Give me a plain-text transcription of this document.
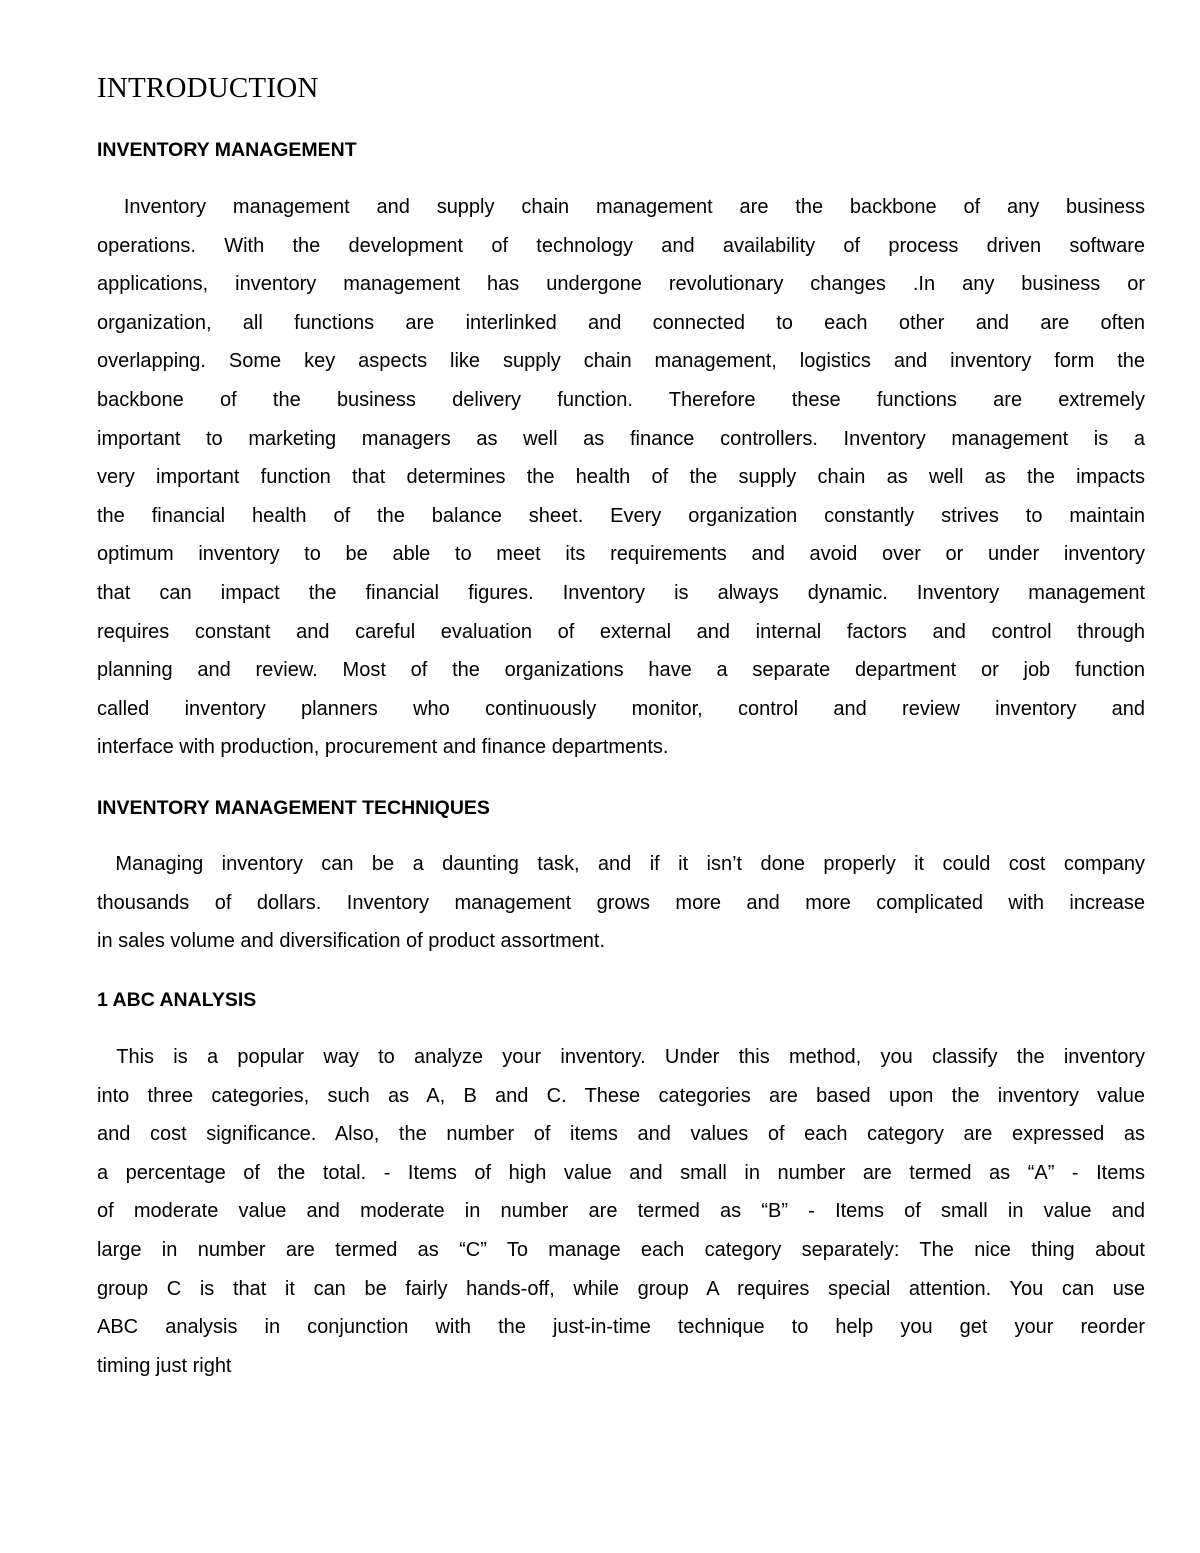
INTRODUCTION
INVENTORY MANAGEMENT
Inventory management and supply chain management are the backbone of any business
operations. With the development of technology and availability of process driven software
applications, inventory management has undergone revolutionary changes .In any business or
organization, all functions are interlinked and connected to each other and are often
overlapping. Some key aspects like supply chain management, logistics and inventory form the
backbone of the business delivery function. Therefore these functions are extremely
important to marketing managers as well as finance controllers. Inventory management is a
very important function that determines the health of the supply chain as well as the impacts
the financial health of the balance sheet. Every organization constantly strives to maintain
optimum inventory to be able to meet its requirements and avoid over or under inventory
that can impact the financial figures. Inventory is always dynamic. Inventory management
requires constant and careful evaluation of external and internal factors and control through
planning and review. Most of the organizations have a separate department or job function
called inventory planners who continuously monitor, control and review inventory and
interface with production, procurement and finance departments.
INVENTORY MANAGEMENT TECHNIQUES
Managing inventory can be a daunting task, and if it isn’t done properly it could cost company
thousands of dollars. Inventory management grows more and more complicated with increase
in sales volume and diversification of product assortment.
1 ABC ANALYSIS
This is a popular way to analyze your inventory. Under this method, you classify the inventory
into three categories, such as A, B and C. These categories are based upon the inventory value
and cost significance. Also, the number of items and values of each category are expressed as
a percentage of the total. - Items of high value and small in number are termed as “A” - Items
of moderate value and moderate in number are termed as “B” - Items of small in value and
large in number are termed as “C” To manage each category separately: The nice thing about
group C is that it can be fairly hands-off, while group A requires special attention. You can use
ABC analysis in conjunction with the just-in-time technique to help you get your reorder
timing just right
